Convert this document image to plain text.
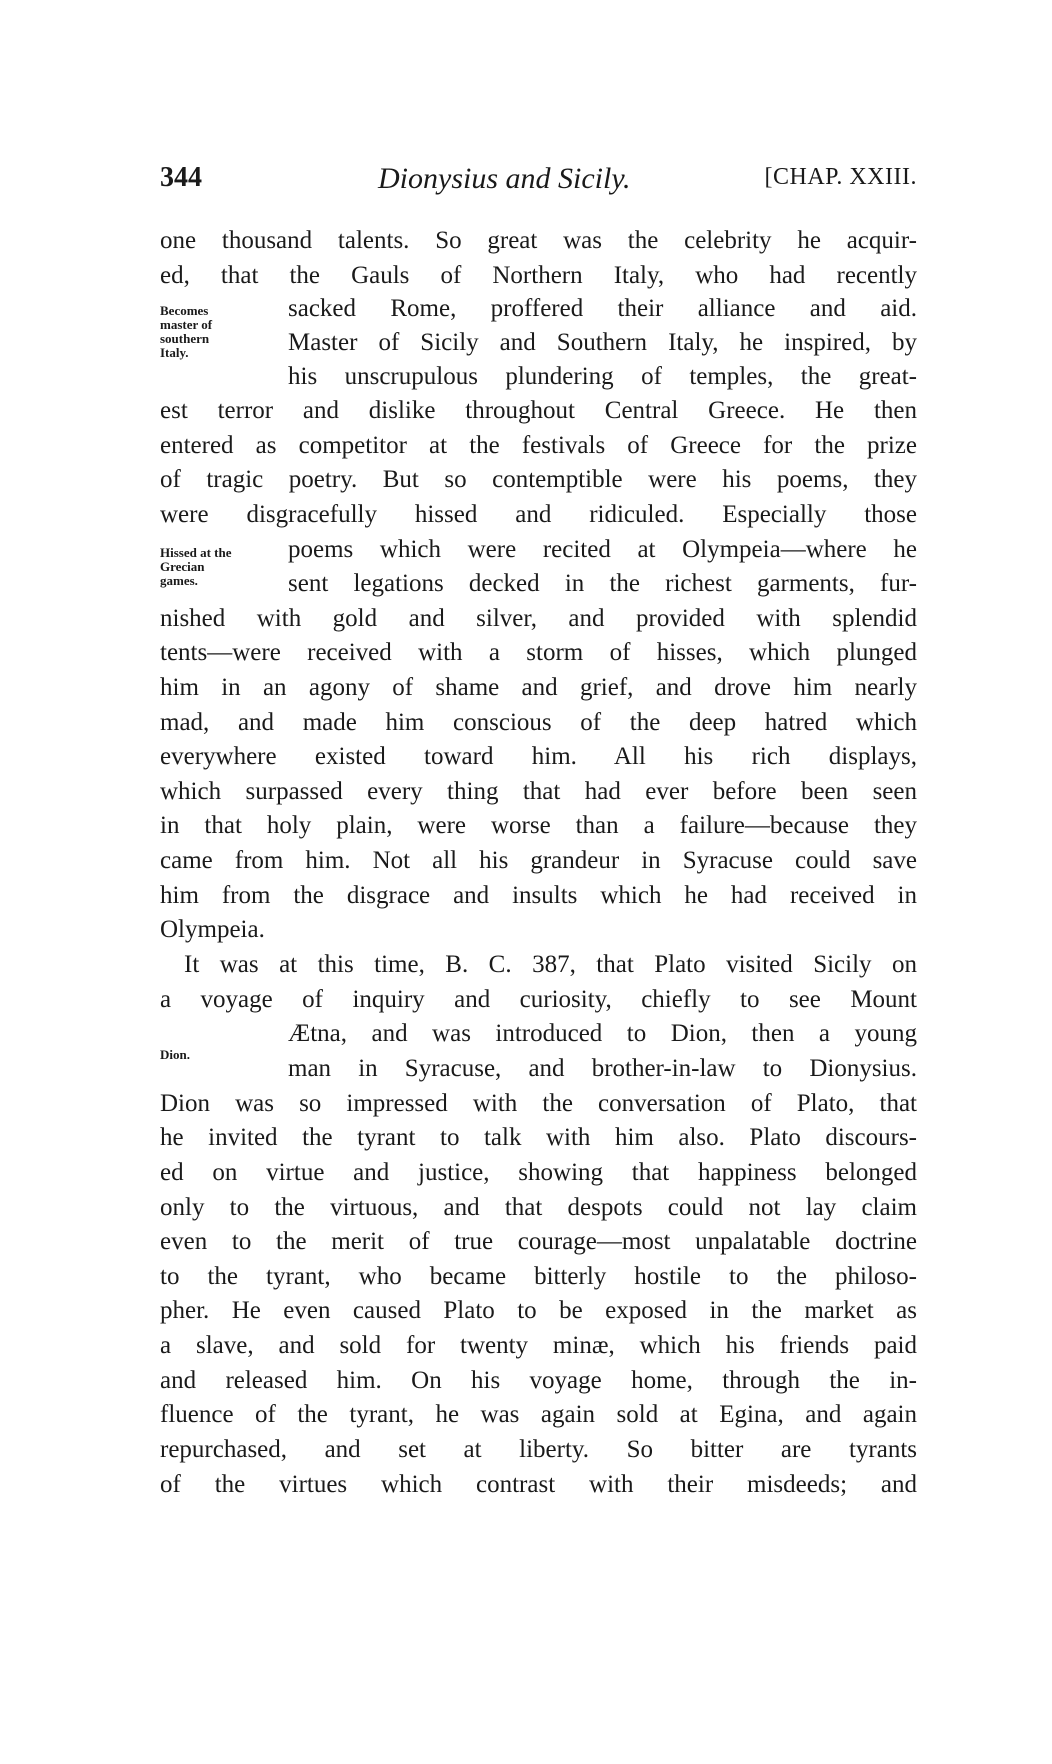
344	Dionysius and Sicily.	[CHAP. XXIII.
Becomes
master of
southern
Italy.
Hissed at the
Grecian
games.
Dion.
one thousand talents. So great was the celebrity he acquir-
ed, that the Gauls of Northern Italy, who had recently
sacked Rome, proffered their alliance and aid.
Master of Sicily and Southern Italy, he inspired, by
his unscrupulous plundering of temples, the great-
est terror and dislike throughout Central Greece. He then
entered as competitor at the festivals of Greece for the prize
of tragic poetry. But so contemptible were his poems, they
were disgracefully hissed and ridiculed. Especially those
poems which were recited at Olympeia—where he
sent legations decked in the richest garments, fur-
nished with gold and silver, and provided with splendid
tents—were received with a storm of hisses, which plunged
him in an agony of shame and grief, and drove him nearly
mad, and made him conscious of the deep hatred which
everywhere existed toward him. All his rich displays,
which surpassed every thing that had ever before been seen
in that holy plain, were worse than a failure—because they
came from him. Not all his grandeur in Syracuse could save
him from the disgrace and insults which he had received in
Olympeia.
It was at this time, B. C. 387, that Plato visited Sicily on
a voyage of inquiry and curiosity, chiefly to see Mount
Ætna, and was introduced to Dion, then a young
man in Syracuse, and brother-in-law to Dionysius.
Dion was so impressed with the conversation of Plato, that
he invited the tyrant to talk with him also. Plato discours-
ed on virtue and justice, showing that happiness belonged
only to the virtuous, and that despots could not lay claim
even to the merit of true courage—most unpalatable doctrine
to the tyrant, who became bitterly hostile to the philoso-
pher. He even caused Plato to be exposed in the market as
a slave, and sold for twenty minæ, which his friends paid
and released him. On his voyage home, through the in-
fluence of the tyrant, he was again sold at Egina, and again
repurchased, and set at liberty. So bitter are tyrants
of the virtues which contrast with their misdeeds; and
